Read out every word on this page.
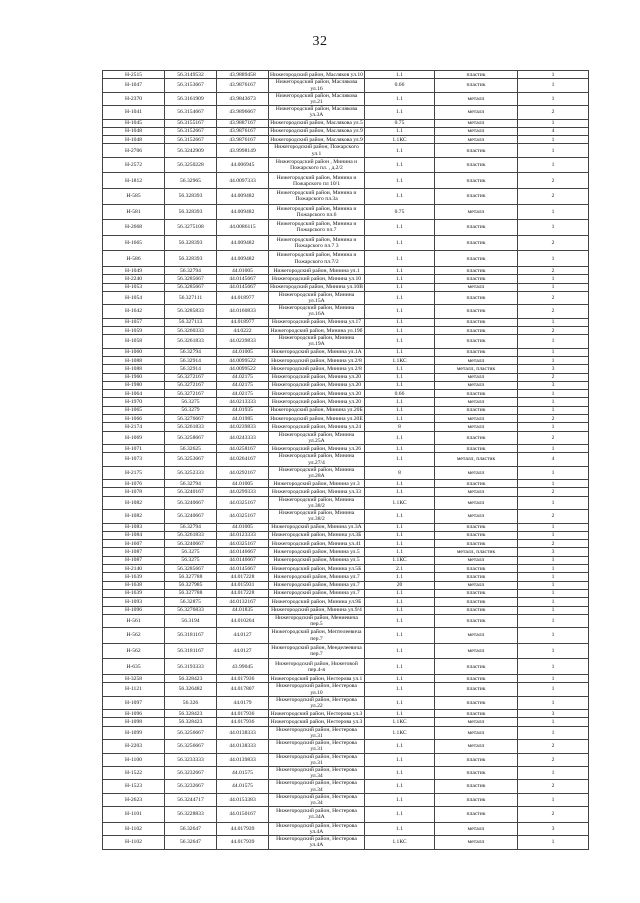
32
Н-2515	56.3149532	43.9889458	Нижегородский район, Масляков ул.10	1.1	пластик	1
Н-1047	56.3153667	43.9876167	Нижегородский район, Маслякова ул.16	0.66	пластик	1
Н-2370	56.3161909	43.9843673	Нижегородский район, Маслякова ул.21	1.1	металл	1
Н-1041	56.3154667	43.9896667	Нижегородский район, Маслякова ул.3А	1.1	металл	2
Н-1045	56.3155167	43.9887167	Нижегородский район, Маслякова ул.5	0.75	металл	1
Н-1048	56.3152667	43.9876167	Нижегородский район, Маслякова ул.9	1.1	металл	4
Н-1048	56.3152667	43.9876167	Нижегородский район, Маслякова ул.9	1.1КС	металл	1
Н-2706	56.3242909	43.9998149	Нижегородский район, Пожарского ул.1	1.1	пластик	1
Н-2572	56.3250228	44.006945	Нижегородский район , Минина и Пожарского пл. , д.2/2	1.1	пластик	1
Н-1812	56.32965	44.0097333	Нижегородский район, Минина и Пожарского пл 10/1	1.1	пластик	2
Н-585	56.328393	44.009482	Нижегородский район, Минина и Пожарского пл.3а	1.1	пластик	2
Н-581	56.328393	44.009482	Нижегородский район, Минина и Пожарского пл.6	0.75	металл	1
Н-2668	56.3275108	44.0086115	Нижегородский район, Минина и Пожарского пл.7	1.1	пластик	1
Н-1665	56.328393	44.009482	Нижегородский район, Минина и Пожарского пл.7 3	1.1	пластик	2
Н-586	56.328393	44.009482	Нижегородский район, Минина и Пожарского пл.7/2	1.1	пластик	1
Н-1049	56.32794	44.01005	Нижегородский район, Минина ул.1	1.1	пластик	2
Н-2240	56.3285667	44.0145667	Нижегородский район, Минина ул.10	1.1	пластик	1
Н-1053	56.3285667	44.0145667	Нижегородский район, Минина ул.10В	1.1	металл	1
Н-1054	56.327111	44.018977	Нижегородский район, Минина ул.15А	1.1	пластик	2
Н-1642	56.3285833	44.0160833	Нижегородский район, Минина ул.16А	1.1	пластик	2
Н-1057	56.327113	44.018977	Нижегородский район, Минина ул.17	1.1	пластик	1
Н-1059	56.3260333	44.0222	Нижегородский район, Минина ул.19б	1.1	пластик	2
Н-1058	56.3261833	44.0239833	Нижегородский район, Минина ул.19А	1.1	пластик	1
Н-1060	56.32794	44.01005	Нижегородский район, Минина ул.1А	1.1	пластик	1
Н-1088	56.32914	44.0099522	Нижегородский район, Минина ул.2/8	1.1КС	металл	1
Н-1088	56.32914	44.0099522	Нижегородский район, Минина ул.2/8	1.1	металл, пластик	3
Н-1960	56.3272167	44.02175	Нижегородский район, Минина ул.20	1.1	металл	2
Н-1980	56.3272167	44.02175	Нижегородский район, Минина ул.20	1.1	металл	3
Н-1064	56.3272167	44.02175	Нижегородский район, Минина ул.20	0.66	пластик	1
Н-1970	56.3275	44.0213333	Нижегородский район, Минина ул.20	1.1	металл	1
Н-1065	56.3279	44.01935	Нижегородский район, Минина ул.20Б	1.1	пластик	1
Н-1066	56.3276667	44.01985	Нижегородский район, Минина ул.20Е	1.1	металл	2
Н-2174	56.3261833	44.0239833	Нижегородский район, Минина ул.24	8	металл	1
Н-1069	56.3258667	44.0243333	Нижегородский район, Минина ул.25А	1.1	пластик	2
Н-1071	56.32625	44.0258167	Нижегородский район, Минина ул.26	1.1	пластик	1
Н-1073	56.3253667	44.0264167	Нижегородский район, Минина ул.27/4	1.1	металл, пластик	4
Н-2175	56.3252333	44.0292167	Нижегородский район, Минина ул.28А	8	металл	1
Н-1076	56.32794	44.01005	Нижегородский район, Минина ул.3	1.1	пластик	1
Н-1078	56.3240167	44.0299333	Нижегородский район, Минина ул.33	1.1	металл	2
Н-1082	56.3240667	44.0325167	Нижегородский район, Минина ул.38/2	1.1КС	металл	1
Н-1082	56.3240667	44.0325167	Нижегородский район, Минина ул.38/2	1.1	металл	2
Н-1083	56.32794	44.01005	Нижегородский район, Минина ул.3А	1.1	пластик	1
Н-1084	56.3261833	44.0123333	Нижегородский район, Минина ул.3Б	1.1	пластик	1
Н-1607	56.3240667	44.0325167	Нижегородский район, Минина ул.41	1.1	пластик	2
Н-1087	56.3275	44.0146667	Нижегородский район, Минина ул.5	1.1	металл, пластик	3
Н-1087	56.3275	44.0146667	Нижегородский район, Минина ул.5	1.1КС	металл	1
Н-2140	56.3285667	44.0145667	Нижегородский район, Минина ул.5Б	2.1	пластик	1
Н-1639	56.327788	44.017228	Нижегородский район, Минина ул.7	1.1	пластик	1
Н-1638	56.327985	44.015931	Нижегородский район, Минина ул.7	20	металл	1
Н-1639	56.327788	44.017228	Нижегородский район, Минина ул.7	1.1	пластик	1
Н-1093	56.32875	44.0132167	Нижегородский район, Минина ул.9Б	1.1	пластик	1
Н-1096	56.3276833	44.01835	Нижегородский район, Минина ул.9/4	1.1	пластик	1
Н-561	56.3194	44.010264	Нижегородский район, Мениевича пер.5	1.1	пластик	1
Н-562	56.3181167	44.0127	Нижегородский район, Мептелеевича пер.7	1.1	металл	1
Н-562	56.3181167	44.0127	Нижегородский район, Менделеевича пер.7	1.1	металл	1
Н-635	56.3193333	43.99045	Нижегородский район, Нижеговой пер.4-я	1.1	пластик	1
Н-3258	56.328423	44.017936	Нижегородский район, Нестерова ул.1	1.1	пластик	1
Н-1121	56.326482	44.017807	Нижегородский район, Нестерова ул.10	1.1	пластик	1
Н-1097	56.326	44.0179	Нижегородский район, Нестерова ул.22	1.1	пластик	1
Н-1096	56.328423	44.017936	Нижегородский район, Нестерова ул.3	1.1	пластик	3
Н-1098	56.328423	44.017936	Нижегородский район, Нестерова ул.3	1.1КС	металл	1
Н-1099	56.3256667	44.0138333	Нижегородский район, Нестерова ул.31	1.1КС	металл	1
Н-2203	56.3256667	44.0138333	Нижегородский район, Нестерова ул.31	1.1	металл	2
Н-1100	56.3233333	44.0139833	Нижегородский район, Нестерова ул.31	1.1	пластик	2
Н-1522	56.3232667	44.01575	Нижегородский район, Нестерова ул.34	1.1	пластик	1
Н-1523	56.3232667	44.01575	Нижегородский район, Нестерова ул.34	1.1	пластик	2
Н-2623	56.3244717	44.0153383	Нижегородский район, Нестерова ул.34	1.1	пластик	1
Н-1101	56.3228833	44.0150167	Нижегородский район, Нестерова ул.34А	1.1	пластик	2
Н-1102	56.32647	44.017939	Нижегородский район, Нестерова ул.4А	1.1	металл	3
Н-1102	56.32647	44.017939	Нижегородский район, Нестерова ул.4А	1.1КС	металл	1
